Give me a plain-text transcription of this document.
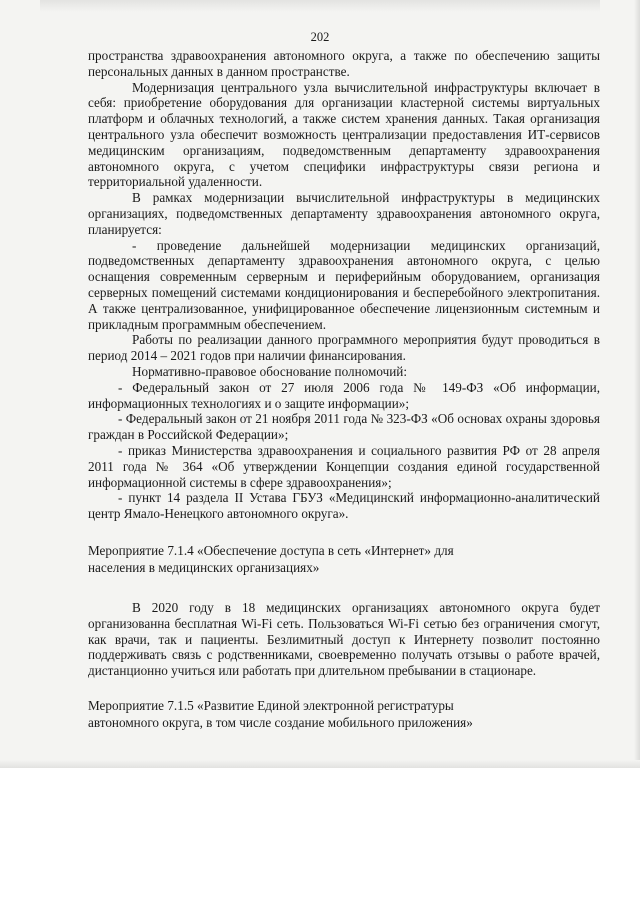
202

пространства здравоохранения автономного округа, а также по обеспечению защиты персональных данных в данном пространстве.

Модернизация центрального узла вычислительной инфраструктуры включает в себя: приобретение оборудования для организации кластерной системы виртуальных платформ и облачных технологий, а также систем хранения данных. Такая организация центрального узла обеспечит возможность централизации предоставления ИТ-сервисов медицинским организациям, подведомственным департаменту здравоохранения автономного округа, с учетом специфики инфраструктуры связи региона и территориальной удаленности.

В рамках модернизации вычислительной инфраструктуры в медицинских организациях, подведомственных департаменту здравоохранения автономного округа, планируется:

- проведение дальнейшей модернизации медицинских организаций, подведомственных департаменту здравоохранения автономного округа, с целью оснащения современным серверным и периферийным оборудованием, организация серверных помещений системами кондиционирования и бесперебойного электропитания. А также централизованное, унифицированное обеспечение лицензионным системным и прикладным программным обеспечением.

Работы по реализации данного программного мероприятия будут проводиться в период 2014 – 2021 годов при наличии финансирования.

Нормативно-правовое обоснование полномочий:

- Федеральный закон от 27 июля 2006 года № 149-ФЗ «Об информации, информационных технологиях и о защите информации»;

- Федеральный закон от 21 ноября 2011 года № 323-ФЗ «Об основах охраны здоровья граждан в Российской Федерации»;

- приказ Министерства здравоохранения и социального развития РФ от 28 апреля 2011 года № 364 «Об утверждении Концепции создания единой государственной информационной системы в сфере здравоохранения»;

- пункт 14 раздела II Устава ГБУЗ «Медицинский информационно-аналитический центр Ямало-Ненецкого автономного округа».

Мероприятие 7.1.4 «Обеспечение доступа в сеть «Интернет» для

населения в медицинских организациях»

В 2020 году в 18 медицинских организациях автономного округа будет организованна бесплатная Wi-Fi сеть. Пользоваться Wi-Fi сетью без ограничения смогут, как врачи, так и пациенты. Безлимитный доступ к Интернету позволит постоянно поддерживать связь с родственниками, своевременно получать отзывы о работе врачей, дистанционно учиться или работать при длительном пребывании в стационаре.

Мероприятие 7.1.5 «Развитие Единой электронной регистратуры

автономного округа, в том числе создание мобильного приложения»
